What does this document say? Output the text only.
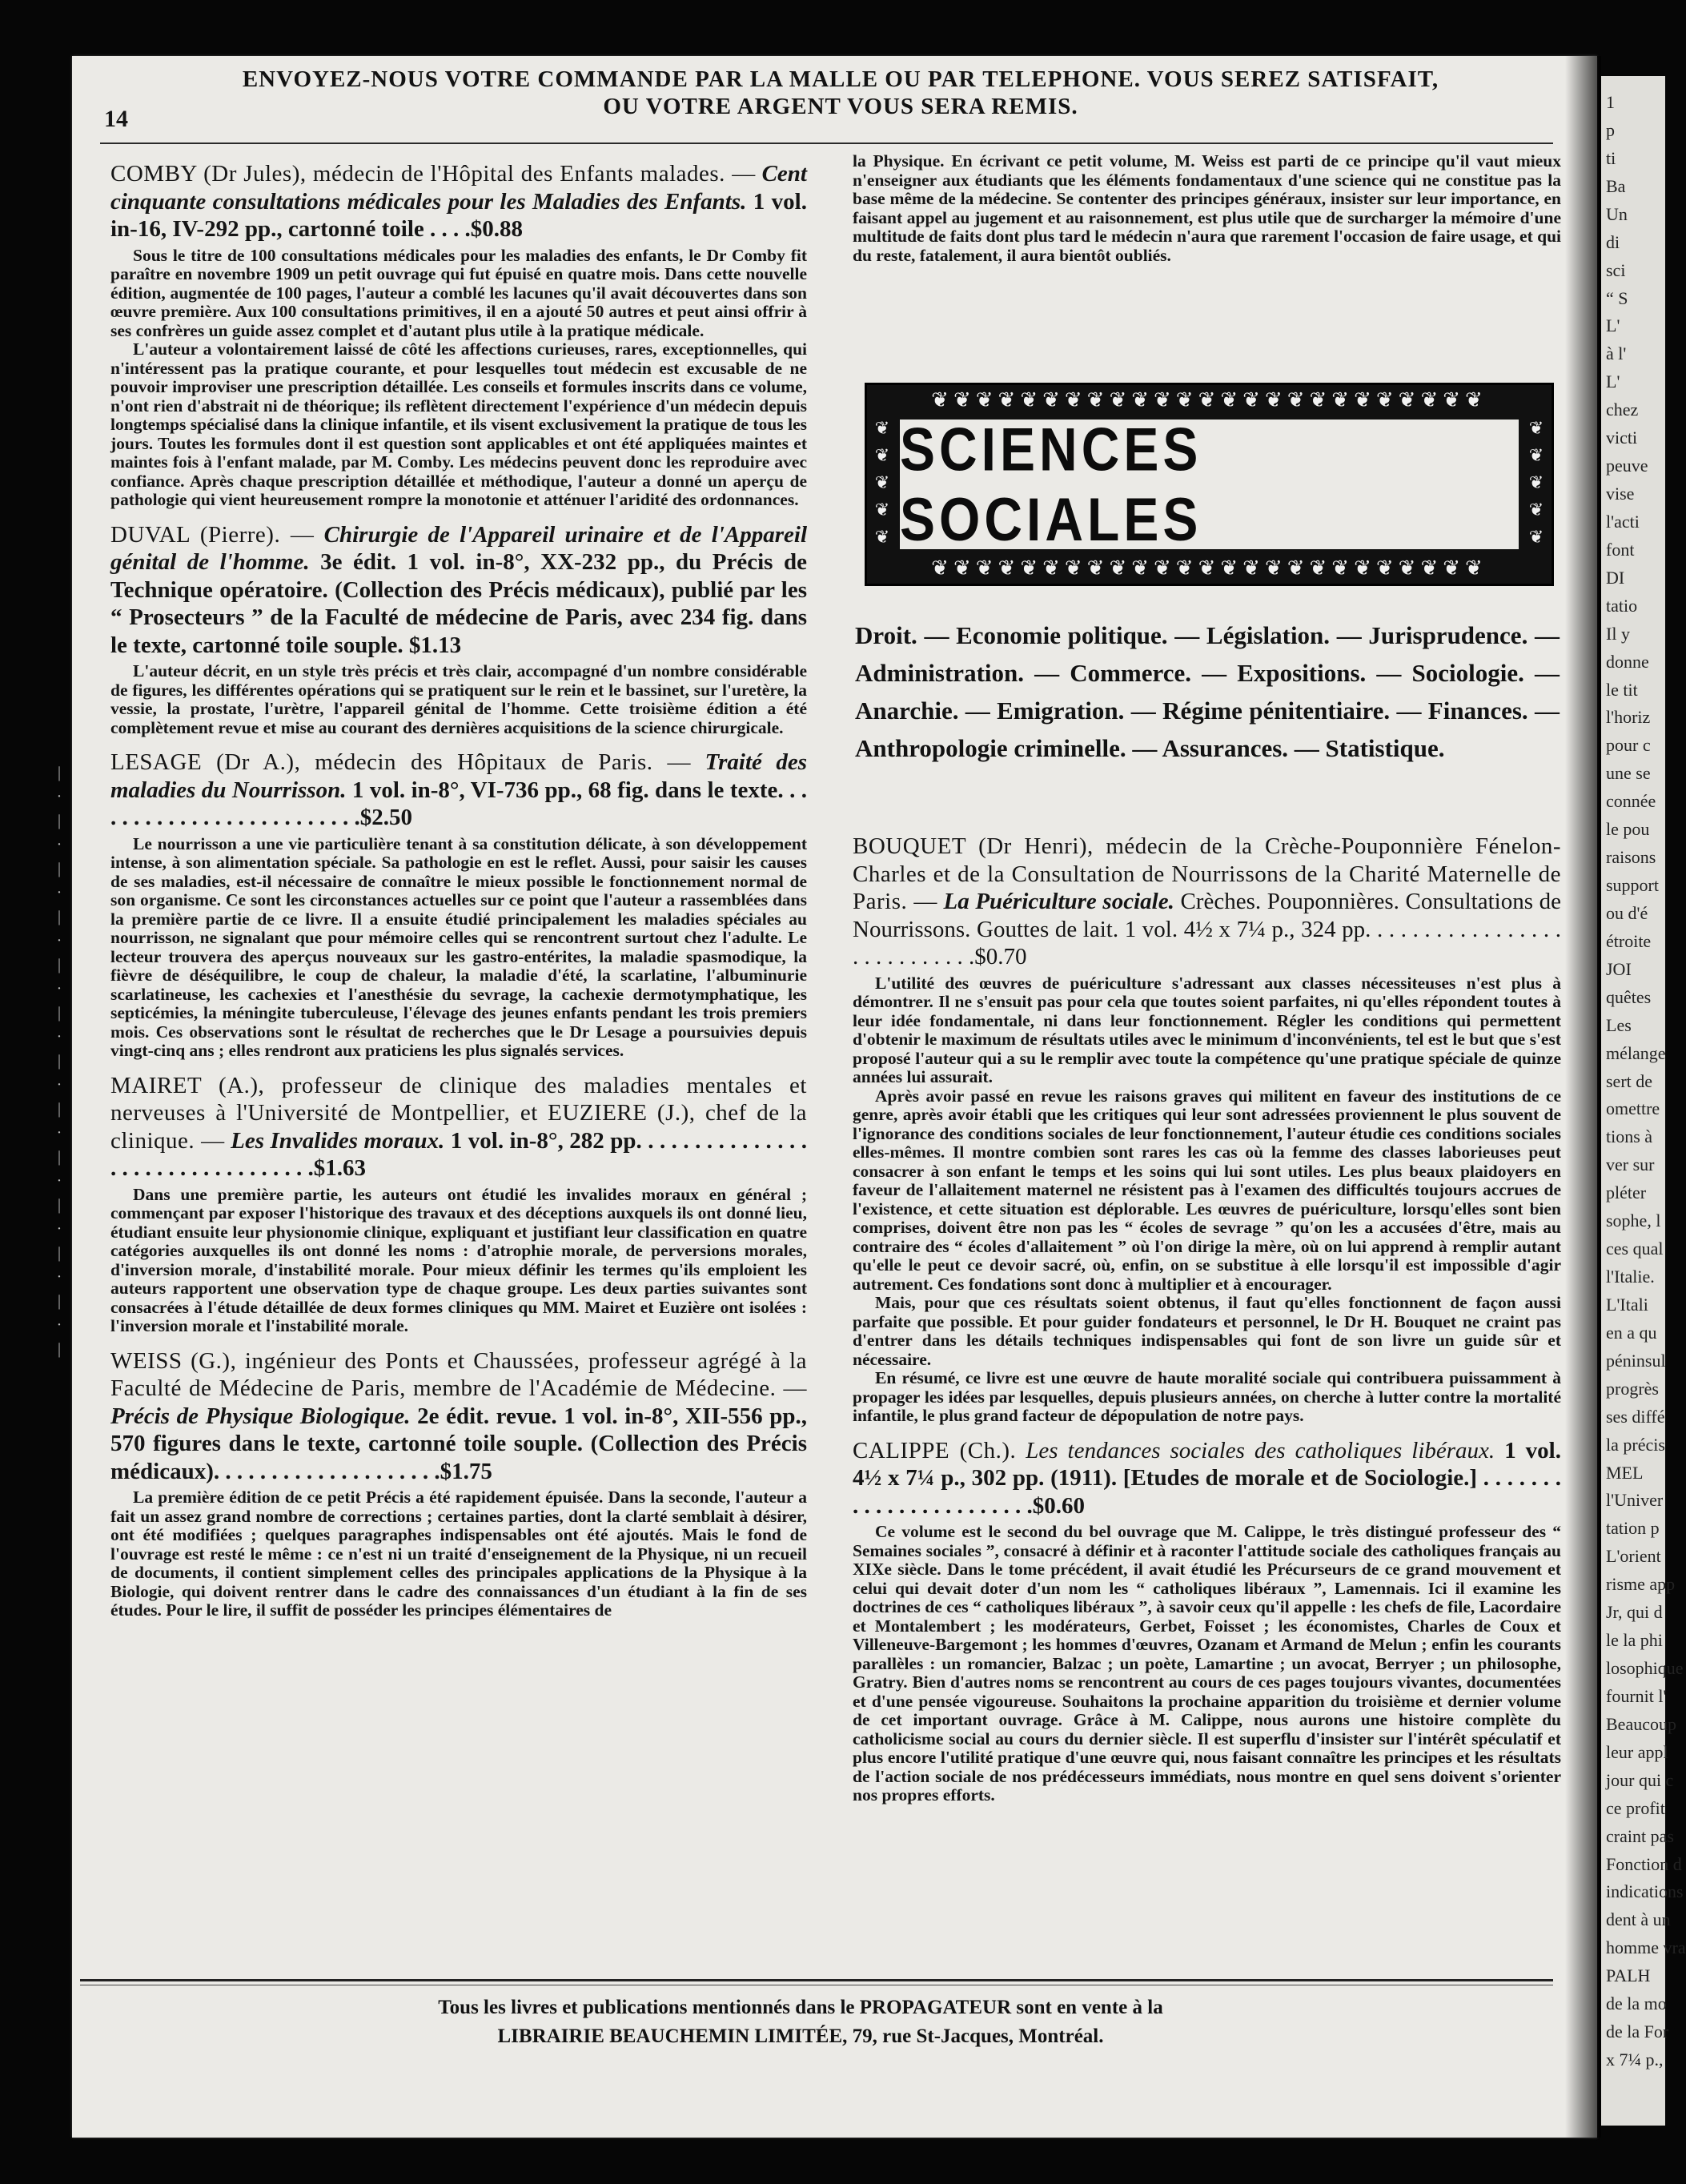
1
p
ti
Ba
Un
di
sci
“ S
L'
à l'
L'
chez
victi
peuve
vise
l'acti
font
DI
tatio
Il y
donne
le tit
l'horiz
pour c
une se
connée
le pou
raisons
support
ou d'é
étroite
JOI
quêtes
Les
mélange
sert de
omettre
tions à
ver sur
pléter
sophe, l
ces qual
l'Italie.
L'Itali
en a qu
péninsul
progrès
ses diffé
la précis
MEL
l'Univer
tation p
L'orient
risme app
Jr, qui d
le la phi
losophique
fournit l'
Beaucoup
leur appl
jour qui c
ce profit
craint pas
Fonction d
indications
dent à un
homme vra
PALH
de la mo
de la For
x 7¼ p.,
ENVOYEZ-NOUS VOTRE COMMANDE PAR LA MALLE OU PAR TELEPHONE. VOUS SEREZ SATISFAIT,
OU VOTRE ARGENT VOUS SERA REMIS.
14

COMBY (Dr Jules), médecin de l'Hôpital des Enfants malades. — Cent cinquante consultations médicales pour les Maladies des Enfants. 1 vol. in-16, IV-292 pp., cartonné toile . . . .$0.88

Sous le titre de 100 consultations médicales pour les maladies des enfants, le Dr Comby fit paraître en novembre 1909 un petit ouvrage qui fut épuisé en quatre mois. Dans cette nouvelle édition, augmentée de 100 pages, l'auteur a comblé les lacunes qu'il avait découvertes dans son œuvre première. Aux 100 consultations primitives, il en a ajouté 50 autres et peut ainsi offrir à ses confrères un guide assez complet et d'autant plus utile à la pratique médicale.

L'auteur a volontairement laissé de côté les affections curieuses, rares, exceptionnelles, qui n'intéressent pas la pratique courante, et pour lesquelles tout médecin est excusable de ne pouvoir improviser une prescription détaillée. Les conseils et formules inscrits dans ce volume, n'ont rien d'abstrait ni de théorique; ils reflètent directement l'expérience d'un médecin depuis longtemps spécialisé dans la clinique infantile, et ils visent exclusivement la pratique de tous les jours. Toutes les formules dont il est question sont applicables et ont été appliquées maintes et maintes fois à l'enfant malade, par M. Comby. Les médecins peuvent donc les reproduire avec confiance. Après chaque prescription détaillée et méthodique, l'auteur a donné un aperçu de pathologie qui vient heureusement rompre la monotonie et atténuer l'aridité des ordonnances.

DUVAL (Pierre). — Chirurgie de l'Appareil urinaire et de l'Appareil génital de l'homme. 3e édit. 1 vol. in-8°, XX-232 pp., du Précis de Technique opératoire. (Collection des Précis médicaux), publié par les “ Prosecteurs ” de la Faculté de médecine de Paris, avec 234 fig. dans le texte, cartonné toile souple. $1.13

L'auteur décrit, en un style très précis et très clair, accompagné d'un nombre considérable de figures, les différentes opérations qui se pratiquent sur le rein et le bassinet, sur l'uretère, la vessie, la prostate, l'urètre, l'appareil génital de l'homme. Cette troisième édition a été complètement revue et mise au courant des dernières acquisitions de la science chirurgicale.

LESAGE (Dr A.), médecin des Hôpitaux de Paris. — Traité des maladies du Nourrisson. 1 vol. in-8°, VI-736 pp., 68 fig. dans le texte. . . . . . . . . . . . . . . . . . . . . . . . .$2.50

Le nourrisson a une vie particulière tenant à sa constitution délicate, à son développement intense, à son alimentation spéciale. Sa pathologie en est le reflet. Aussi, pour saisir les causes de ses maladies, est-il nécessaire de connaître le mieux possible le fonctionnement normal de son organisme. Ce sont les circonstances actuelles sur ce point que l'auteur a rassemblées dans la première partie de ce livre. Il a ensuite étudié principalement les maladies spéciales au nourrisson, ne signalant que pour mémoire celles qui se rencontrent surtout chez l'adulte. Le lecteur trouvera des aperçus nouveaux sur les gastro-entérites, la maladie spasmodique, la fièvre de déséquilibre, le coup de chaleur, la maladie d'été, la scarlatine, l'albuminurie scarlatineuse, les cachexies et l'anesthésie du sevrage, la cachexie dermotymphatique, les septicémies, la méningite tuberculeuse, l'élevage des jeunes enfants pendant les trois premiers mois. Ces observations sont le résultat de recherches que le Dr Lesage a poursuivies depuis vingt-cinq ans ; elles rendront aux praticiens les plus signalés services.

MAIRET (A.), professeur de clinique des maladies mentales et nerveuses à l'Université de Montpellier, et EUZIERE (J.), chef de la clinique. — Les Invalides moraux. 1 vol. in-8°, 282 pp. . . . . . . . . . . . . . . . . . . . . . . . . . . . . . . . .$1.63

Dans une première partie, les auteurs ont étudié les invalides moraux en général ; commençant par exposer l'historique des travaux et des déceptions auxquels ils ont donné lieu, étudiant ensuite leur physionomie clinique, expliquant et justifiant leur classification en quatre catégories auxquelles ils ont donné les noms : d'atrophie morale, de perversions morales, d'inversion morale, d'instabilité morale. Pour mieux définir les termes qu'ils emploient les auteurs rapportent une observation type de chaque groupe. Les deux parties suivantes sont consacrées à l'étude détaillée de deux formes cliniques qu MM. Mairet et Euzière ont isolées : l'inversion morale et l'instabilité morale.

WEISS (G.), ingénieur des Ponts et Chaussées, professeur agrégé à la Faculté de Médecine de Paris, membre de l'Académie de Médecine. — Précis de Physique Biologique. 2e édit. revue. 1 vol. in-8°, XII-556 pp., 570 figures dans le texte, cartonné toile souple. (Collection des Précis médicaux). . . . . . . . . . . . . . . . . . . .$1.75

La première édition de ce petit Précis a été rapidement épuisée. Dans la seconde, l'auteur a fait un assez grand nombre de corrections ; certaines parties, dont la clarté semblait à désirer, ont été modifiées ; quelques paragraphes indispensables ont été ajoutés. Mais le fond de l'ouvrage est resté le même : ce n'est ni un traité d'enseignement de la Physique, ni un recueil de documents, il contient simplement celles des principales applications de la Physique à la Biologie, qui doivent rentrer dans le cadre des connaissances d'un étudiant à la fin de ses études. Pour le lire, il suffit de posséder les principes élémentaires de

la Physique. En écrivant ce petit volume, M. Weiss est parti de ce principe qu'il vaut mieux n'enseigner aux étudiants que les éléments fondamentaux d'une science qui ne constitue pas la base même de la médecine. Se contenter des principes généraux, insister sur leur importance, en faisant appel au jugement et au raisonnement, est plus utile que de surcharger la mémoire d'une multitude de faits dont plus tard le médecin n'aura que rarement l'occasion de faire usage, et qui du reste, fatalement, il aura bientôt oubliés.

❦❦❦❦❦❦❦❦❦❦❦❦❦❦❦❦❦❦❦❦❦❦❦❦❦
❦❦❦❦❦❦❦❦❦❦❦❦❦❦❦❦❦❦❦❦❦❦❦❦❦
❦
❦
❦
❦
❦
❦
❦
❦
❦
❦
SCIENCES SOCIALES
Droit. — Economie politique. — Législation. — Jurisprudence. — Administration. — Commerce. — Expositions. — Sociologie. — Anarchie. — Emigration. — Régime pénitentiaire. — Finances. — Anthropologie criminelle. — Assurances. — Statistique.

BOUQUET (Dr Henri), médecin de la Crèche-Pouponnière Fénelon-Charles et de la Consultation de Nourrissons de la Charité Maternelle de Paris. — La Puériculture sociale. Crèches. Pouponnières. Consultations de Nourrissons. Gouttes de lait. 1 vol. 4½ x 7¼ p., 324 pp. . . . . . . . . . . . . . . . . . . . . . . . . . . .$0.70

L'utilité des œuvres de puériculture s'adressant aux classes nécessiteuses n'est plus à démontrer. Il ne s'ensuit pas pour cela que toutes soient parfaites, ni qu'elles répondent toutes à leur idée fondamentale, ni dans leur fonctionnement. Régler les conditions qui permettent d'obtenir le maximum de résultats utiles avec le minimum d'inconvénients, tel est le but que s'est proposé l'auteur qui a su le remplir avec toute la compétence qu'une pratique spéciale de quinze années lui assurait.

Après avoir passé en revue les raisons graves qui militent en faveur des institutions de ce genre, après avoir établi que les critiques qui leur sont adressées proviennent le plus souvent de l'ignorance des conditions sociales de leur fonctionnement, l'auteur étudie ces conditions sociales elles-mêmes. Il montre combien sont rares les cas où la femme des classes laborieuses peut consacrer à son enfant le temps et les soins qui lui sont utiles. Les plus beaux plaidoyers en faveur de l'allaitement maternel ne résistent pas à l'examen des difficultés toujours accrues de l'existence, et cette situation est déplorable. Les œuvres de puériculture, lorsqu'elles sont bien comprises, doivent être non pas les “ écoles de sevrage ” qu'on les a accusées d'être, mais au contraire des “ écoles d'allaitement ” où l'on dirige la mère, où on lui apprend à remplir autant qu'elle le peut ce devoir sacré, où, enfin, on se substitue à elle lorsqu'il est impossible d'agir autrement. Ces fondations sont donc à multiplier et à encourager.

Mais, pour que ces résultats soient obtenus, il faut qu'elles fonctionnent de façon aussi parfaite que possible. Et pour guider fondateurs et personnel, le Dr H. Bouquet ne craint pas d'entrer dans les détails techniques indispensables qui font de son livre un guide sûr et nécessaire.

En résumé, ce livre est une œuvre de haute moralité sociale qui contribuera puissamment à propager les idées par lesquelles, depuis plusieurs années, on cherche à lutter contre la mortalité infantile, le plus grand facteur de dépopulation de notre pays.

CALIPPE (Ch.). Les tendances sociales des catholiques libéraux. 1 vol. 4½ x 7¼ p., 302 pp. (1911). [Etudes de morale et de Sociologie.] . . . . . . . . . . . . . . . . . . . . . . .$0.60

Ce volume est le second du bel ouvrage que M. Calippe, le très distingué professeur des “ Semaines sociales ”, consacré à définir et à raconter l'attitude sociale des catholiques français au XIXe siècle. Dans le tome précédent, il avait étudié les Précurseurs de ce grand mouvement et celui qui devait doter d'un nom les “ catholiques libéraux ”, Lamennais. Ici il examine les doctrines de ces “ catholiques libéraux ”, à savoir ceux qu'il appelle : les chefs de file, Lacordaire et Montalembert ; les modérateurs, Gerbet, Foisset ; les économistes, Charles de Coux et Villeneuve-Bargemont ; les hommes d'œuvres, Ozanam et Armand de Melun ; enfin les courants parallèles : un romancier, Balzac ; un poète, Lamartine ; un avocat, Berryer ; un philosophe, Gratry. Bien d'autres noms se rencontrent au cours de ces pages toujours vivantes, documentées et d'une pensée vigoureuse. Souhaitons la prochaine apparition du troisième et dernier volume de cet important ouvrage. Grâce à M. Calippe, nous aurons une histoire complète du catholicisme social au cours du dernier siècle. Il est superflu d'insister sur l'intérêt spéculatif et plus encore l'utilité pratique d'une œuvre qui, nous faisant connaître les principes et les résultats de l'action sociale de nos prédécesseurs immédiats, nous montre en quel sens doivent s'orienter nos propres efforts.

|
·
|
·
|
·
|
·
|
·
|
·
|
·
|
·
|
·
|
·
|
·
|
·
|
Tous les livres et publications mentionnés dans le PROPAGATEUR sont en vente à la
LIBRAIRIE BEAUCHEMIN LIMITÉE, 79, rue St-Jacques, Montréal.
